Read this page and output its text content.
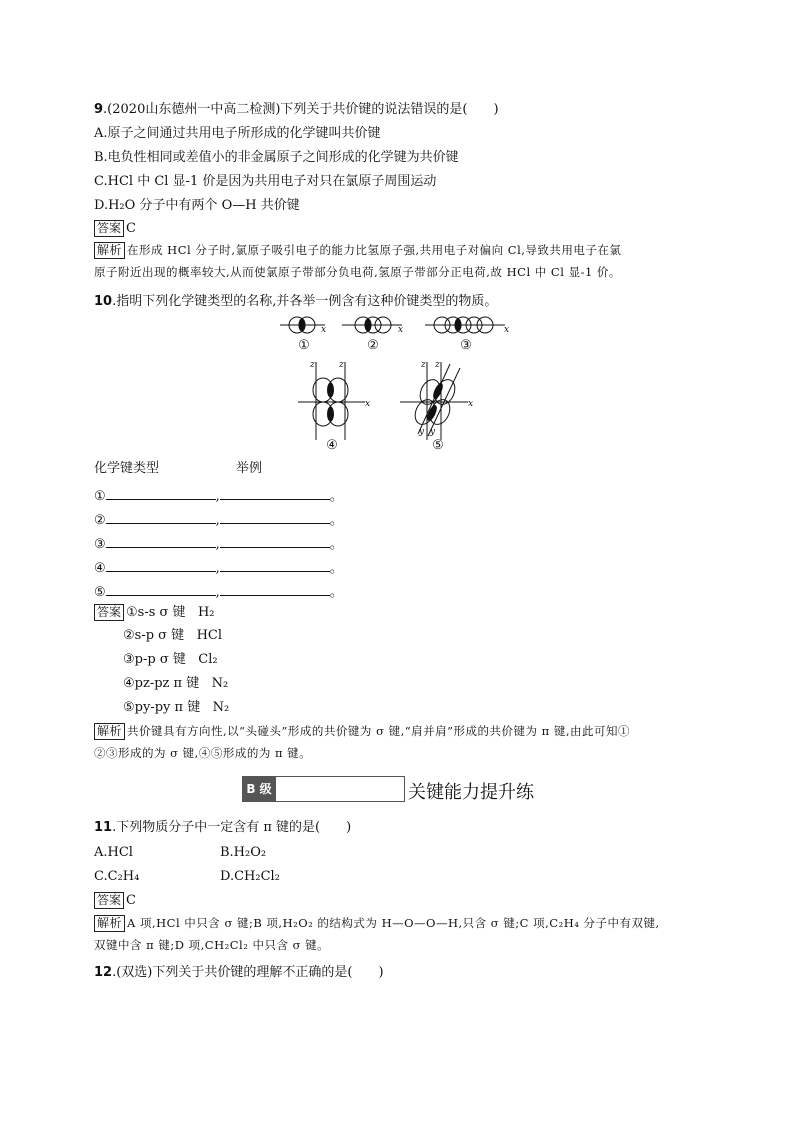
9.(2020山东德州一中高二检测)下列关于共价键的说法错误的是(　　)
A.原子之间通过共用电子所形成的化学键叫共价键
B.电负性相同或差值小的非金属原子之间形成的化学键为共价键
C.HCl 中 Cl 显-1 价是因为共用电子对只在氯原子周围运动
D.H₂O 分子中有两个 O—H 共价键
答案 C
解析 在形成 HCl 分子时,氯原子吸引电子的能力比氢原子强,共用电子对偏向 Cl,导致共用电子在氯
原子附近出现的概率较大,从而使氯原子带部分负电荷,氢原子带部分正电荷,故 HCl 中 Cl 显-1 价。
10.指明下列化学键类型的名称,并各举一例含有这种价键类型的物质。
x	x	x
x
z	z
x
z z
y y
①	②	③
④	⑤
化学键类型	举例
①	,	。
②	,	。
③	,	。
④	,	。
⑤	,	。
答案 ①s-s σ 键 H₂
②s-p σ 键 HCl
③p-p σ 键 Cl₂
④pz-pz π 键 N₂
⑤py-py π 键 N₂
解析 共价键具有方向性,以“头碰头”形成的共价键为 σ 键,“肩并肩”形成的共价键为 π 键,由此可知①
②③形成的为 σ 键,④⑤形成的为 π 键。
B 级	关键能力提升练
11.下列物质分子中一定含有 π 键的是(　　)
A.HCl	B.H₂O₂
C.C₂H₄	D.CH₂Cl₂
答案 C
解析 A 项,HCl 中只含 σ 键;B 项,H₂O₂ 的结构式为 H—O—O—H,只含 σ 键;C 项,C₂H₄ 分子中有双键,
双键中含 π 键;D 项,CH₂Cl₂ 中只含 σ 键。
12.(双选)下列关于共价键的理解不正确的是(　　)
